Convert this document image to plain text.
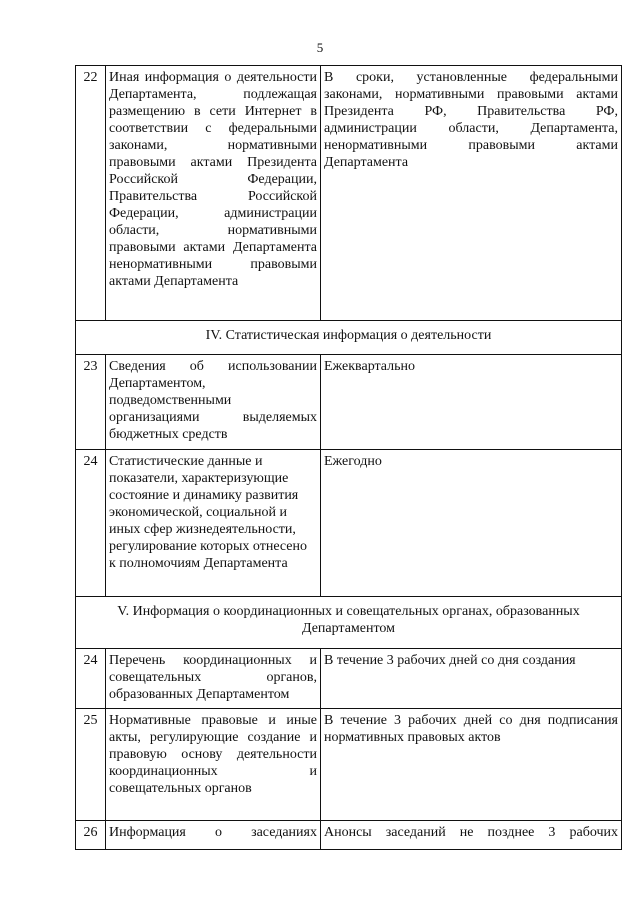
5
22	Иная информация о деятельности Департамента, подлежащая размещению в сети Интернет в соответствии с федеральными законами, нормативными правовыми актами Президента Российской Федерации, Правительства Российской Федерации, администрации области, нормативными правовыми актами Департамента ненормативными правовыми актами Департамента	В сроки, установленные федеральными законами, нормативными правовыми актами Президента РФ, Правительства РФ, администрации области, Департамента, ненормативными правовыми актами Департамента
IV. Статистическая информация о деятельности		
23	Сведения об использовании Департаментом, подведомственными организациями выделяемых бюджетных средств	Ежеквартально
24	Статистические данные и показатели, характеризующие состояние и динамику развития экономической, социальной и иных сфер жизнедеятельности, регулирование которых отнесено к полномочиям Департамента	Ежегодно
V. Информация о координационных и совещательных органах, образованных Департаментом		
24	Перечень координационных и совещательных органов, образованных Департаментом	В течение 3 рабочих дней со дня создания
25	Нормативные правовые и иные акты, регулирующие создание и правовую основу деятельности координационных и совещательных органов	В течение 3 рабочих дней со дня подписания нормативных правовых актов
26	Информация о заседаниях	Анонсы заседаний не позднее 3 рабочих
